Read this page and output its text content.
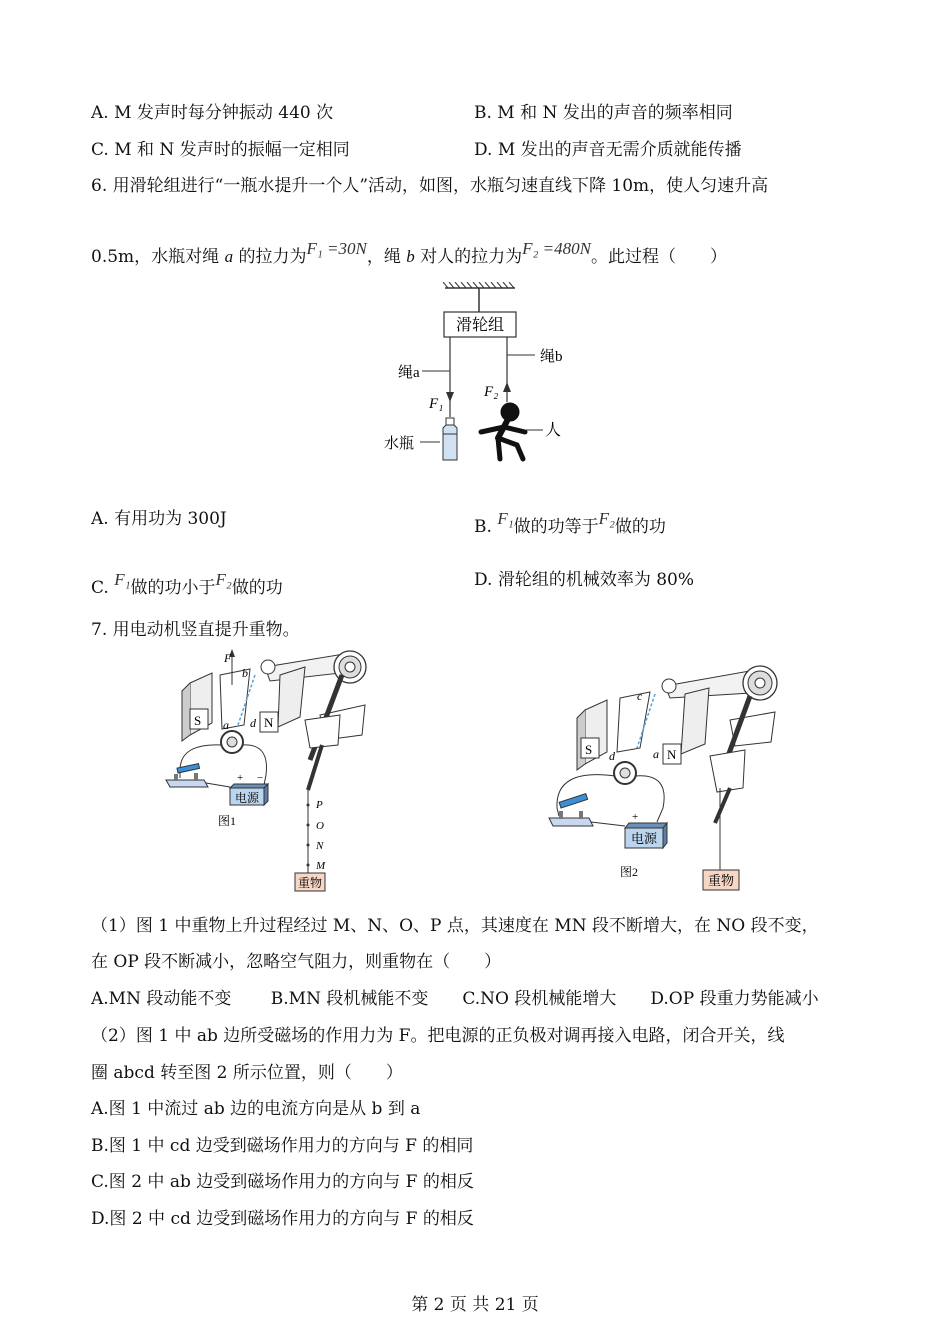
A. M 发声时每分钟振动 440 次	B. M 和 N 发出的声音的频率相同
C. M 和 N 发声时的振幅一定相同	D. M 发出的声音无需介质就能传播
6. 用滑轮组进行“一瓶水提升一个人”活动，如图，水瓶匀速直线下降 10m，使人匀速升高
0.5m，水瓶对绳 a 的拉力为F₁ =30N，绳 b 对人的拉力为F₂ =480N。此过程（　　）
滑轮组
绳a
绳b
F₁
F₂
水瓶
人
A. 有用功为 300J	B. F₁做的功等于F₂做的功
C. F₁做的功小于F₂做的功	D. 滑轮组的机械效率为 80%
7. 用电动机竖直提升重物。
F
b
S	N
a d
P
O
N
M
重物
+ −
电源
图1
c
S	N
d	a
重物
+
电源
图2
（1）图 1 中重物上升过程经过 M、N、O、P 点，其速度在 MN 段不断增大，在 NO 段不变，
在 OP 段不断减小，忽略空气阻力，则重物在（　　）
A.MN 段动能不变　　 B.MN 段机械能不变　　C.NO 段机械能增大　　D.OP 段重力势能减小
（2）图 1 中 ab 边所受磁场的作用力为 F。把电源的正负极对调再接入电路，闭合开关，线
圈 abcd 转至图 2 所示位置，则（　　）
A.图 1 中流过 ab 边的电流方向是从 b 到 a
B.图 1 中 cd 边受到磁场作用力的方向与 F 的相同
C.图 2 中 ab 边受到磁场作用力的方向与 F 的相反
D.图 2 中 cd 边受到磁场作用力的方向与 F 的相反
第 2 页 共 21 页
